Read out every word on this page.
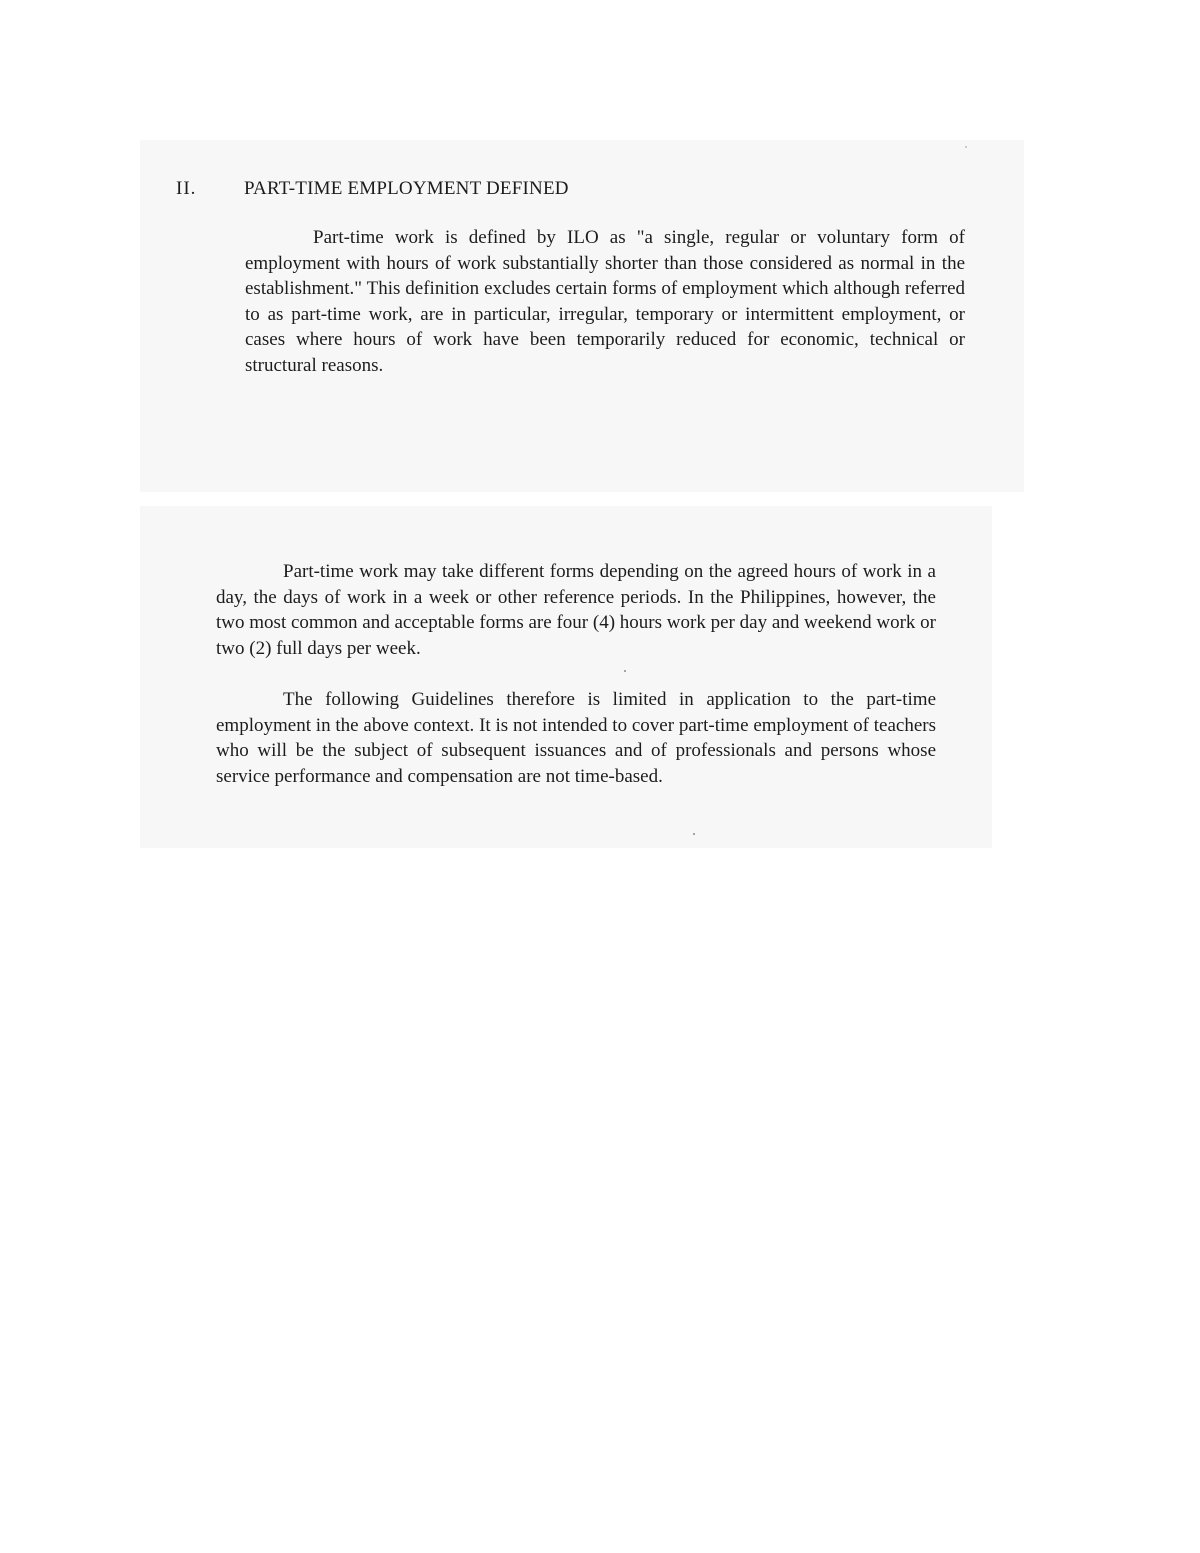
II.	PART-TIME EMPLOYMENT DEFINED

Part-time work is defined by ILO as "a single, regular or voluntary form of employment with hours of work substantially shorter than those considered as normal in the establishment." This definition excludes certain forms of employment which although referred to as part-time work, are in particular, irregular, temporary or intermittent employment, or cases where hours of work have been temporarily reduced for economic, technical or structural reasons.

Part-time work may take different forms depending on the agreed hours of work in a day, the days of work in a week or other reference periods. In the Philippines, however, the two most common and acceptable forms are four (4) hours work per day and weekend work or two (2) full days per week.

The following Guidelines therefore is limited in application to the part-time employment in the above context. It is not intended to cover part-time employment of teachers who will be the subject of subsequent issuances and of professionals and persons whose service performance and compensation are not time-based.
